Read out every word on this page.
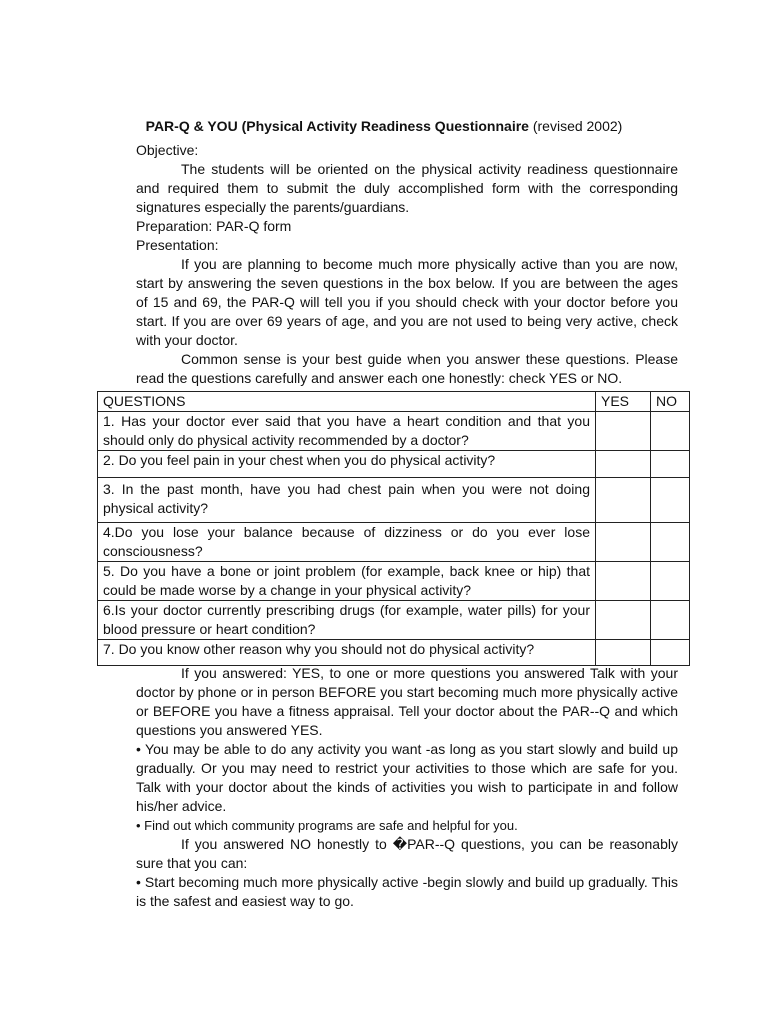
PAR-Q & YOU (Physical Activity Readiness Questionnaire (revised 2002)

Objective:

The students will be oriented on the physical activity readiness questionnaire and required them to submit the duly accomplished form with the corresponding signatures especially the parents/guardians.

Preparation: PAR-Q form

Presentation:

If you are planning to become much more physically active than you are now, start by answering the seven questions in the box below. If you are between the ages of 15 and 69, the PAR-Q will tell you if you should check with your doctor before you start. If you are over 69 years of age, and you are not used to being very active, check with your doctor.

Common sense is your best guide when you answer these questions. Please read the questions carefully and answer each one honestly: check YES or NO.

QUESTIONS	YES	NO
1. Has your doctor ever said that you have a heart condition and that you should only do physical activity recommended by a doctor?		
2. Do you feel pain in your chest when you do physical activity?		
3. In the past month, have you had chest pain when you were not doing physical activity?		
4.Do you lose your balance because of dizziness or do you ever lose consciousness?		
5. Do you have a bone or joint problem (for example, back knee or hip) that could be made worse by a change in your physical activity?		
6.Is your doctor currently prescribing drugs (for example, water pills) for your blood pressure or heart condition?		
7. Do you know other reason why you should not do physical activity?		

If you answered: YES, to one or more questions you answered Talk with your doctor by phone or in person BEFORE you start becoming much more physically active or BEFORE you have a fitness appraisal. Tell your doctor about the PAR--Q and which questions you answered YES.

• You may be able to do any activity you want -as long as you start slowly and build up gradually. Or you may need to restrict your activities to those which are safe for you. Talk with your doctor about the kinds of activities you wish to participate in and follow his/her advice.

• Find out which community programs are safe and helpful for you.

If you answered NO honestly to �PAR--Q questions, you can be reasonably sure that you can:

• Start becoming much more physically active -begin slowly and build up gradually. This is the safest and easiest way to go.
